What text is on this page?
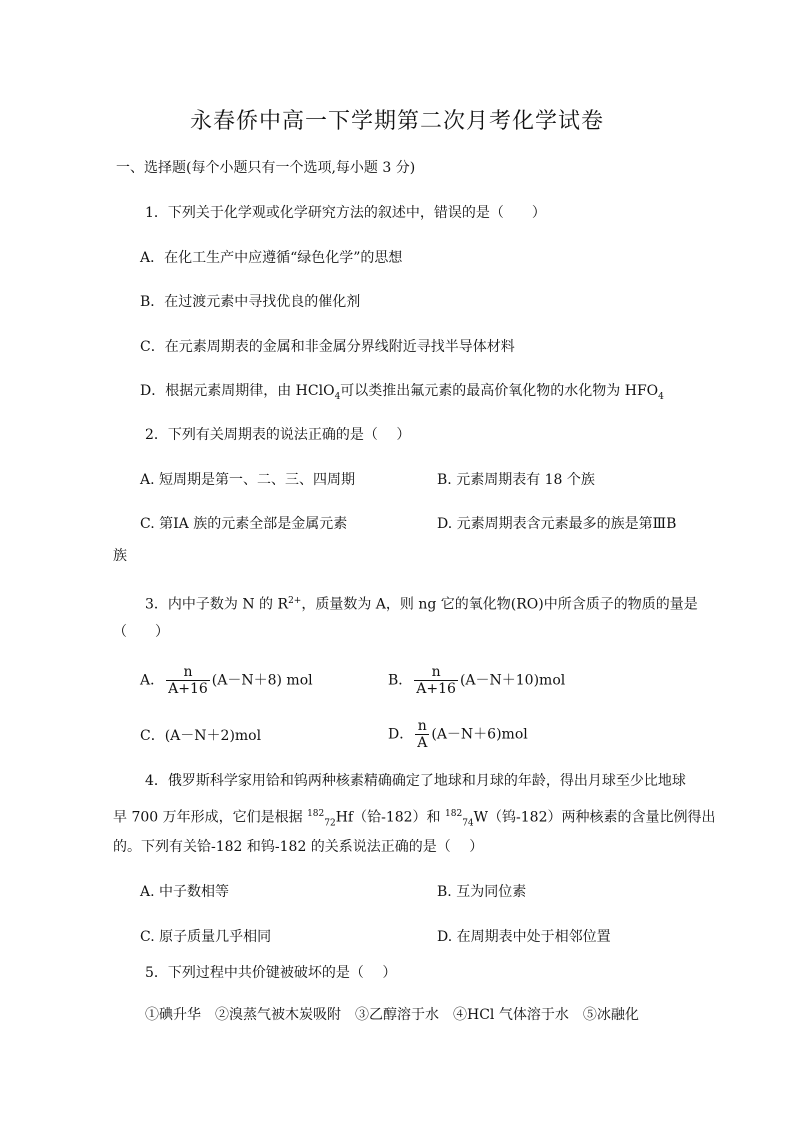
永春侨中高一下学期第二次月考化学试卷
一、选择题(每个小题只有一个选项,每小题 3 分)
1．下列关于化学观或化学研究方法的叙述中，错误的是（　　）
A．在化工生产中应遵循“绿色化学”的思想
B．在过渡元素中寻找优良的催化剂
C．在元素周期表的金属和非金属分界线附近寻找半导体材料
D．根据元素周期律，由 HClO$_4$可以类推出氟元素的最高价氧化物的水化物为 $HFO_4$
2．下列有关周期表的说法正确的是（　 ）
A. 短周期是第一、二、三、四周期	B. 元素周期表有 18 个族
C. 第ⅠA 族的元素全部是金属元素	D. 元素周期表含元素最多的族是第ⅢB
族
3．内中子数为 N 的 $R^{2+}$，质量数为 A，则 ng 它的氧化物(RO)中所含质子的物质的量是
（　　）
A． $\frac{n}{A+16} (A-N+8)$ mol	B． $\frac{n}{A+16} (A-N+10)mol$
C．(A－N＋2)mol	D． $\frac{n}{A} (A-N+6)mol$
4．俄罗斯科学家用铪和钨两种核素精确确定了地球和月球的年龄，得出月球至少比地球
早 700 万年形成，它们是根据 $^{182}_{72}$Hf（铪-182）和 $^{182}_{74}$W（钨-182）两种核素的含量比例得出
的。下列有关铪-182 和钨-182 的关系说法正确的是（　 ）
A. 中子数相等	B. 互为同位素
C. 原子质量几乎相同	D. 在周期表中处于相邻位置
5．下列过程中共价键被破坏的是（　 ）
①碘升华　②溴蒸气被木炭吸附　③乙醇溶于水　④HCl 气体溶于水　⑤冰融化
